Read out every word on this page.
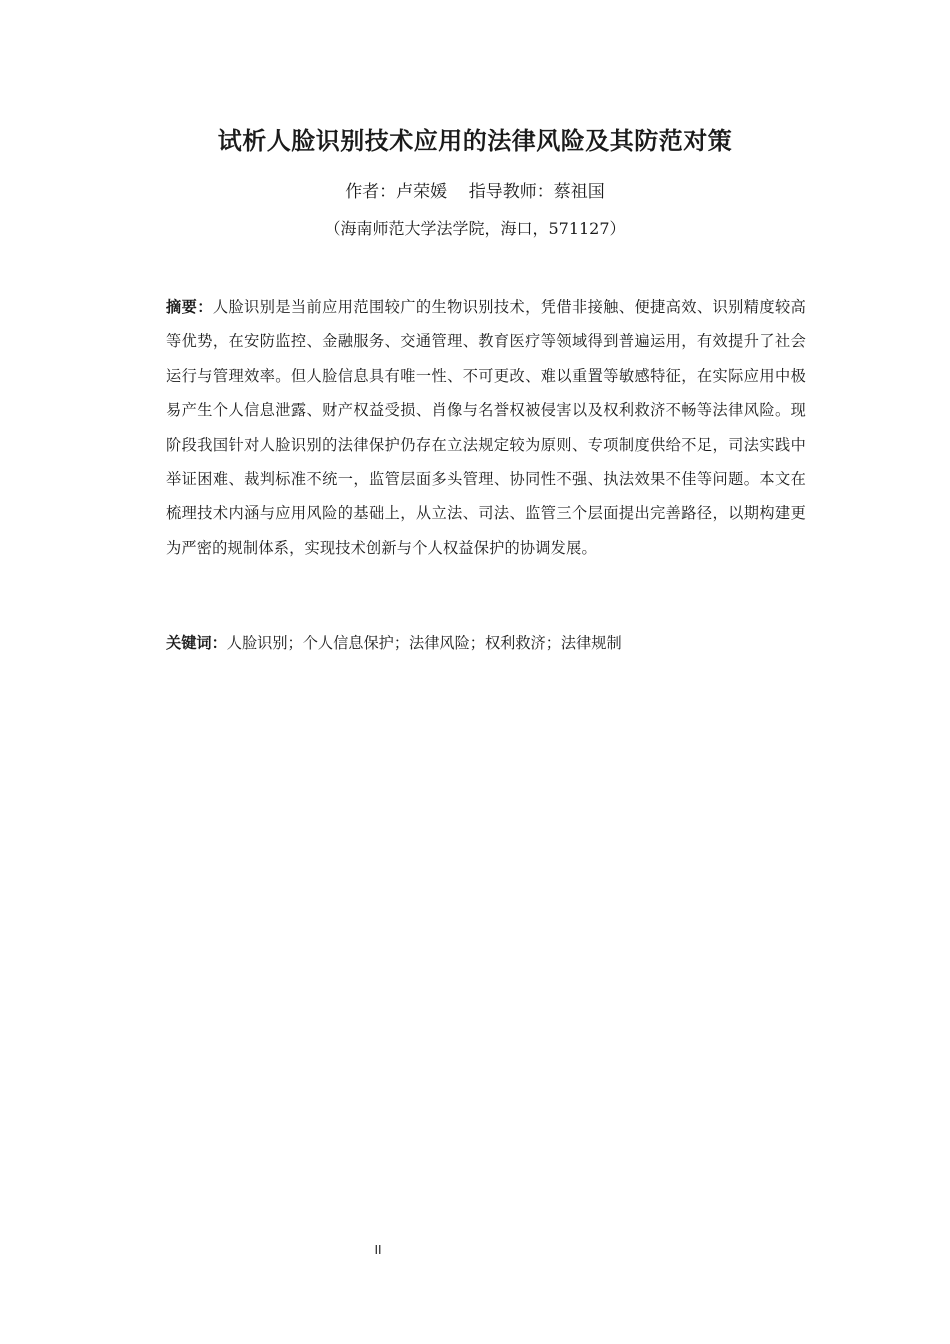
试析人脸识别技术应用的法律风险及其防范对策
作者：卢荣媛    指导教师：蔡祖国
（海南师范大学法学院，海口，571127）
摘要：人脸识别是当前应用范围较广的生物识别技术，凭借非接触、便捷高效、识别精度较高等优势，在安防监控、金融服务、交通管理、教育医疗等领域得到普遍运用，有效提升了社会运行与管理效率。但人脸信息具有唯一性、不可更改、难以重置等敏感特征，在实际应用中极易产生个人信息泄露、财产权益受损、肖像与名誉权被侵害以及权利救济不畅等法律风险。现阶段我国针对人脸识别的法律保护仍存在立法规定较为原则、专项制度供给不足，司法实践中举证困难、裁判标准不统一，监管层面多头管理、协同性不强、执法效果不佳等问题。本文在梳理技术内涵与应用风险的基础上，从立法、司法、监管三个层面提出完善路径，以期构建更为严密的规制体系，实现技术创新与个人权益保护的协调发展。
关键词：人脸识别；个人信息保护；法律风险；权利救济；法律规制
II
